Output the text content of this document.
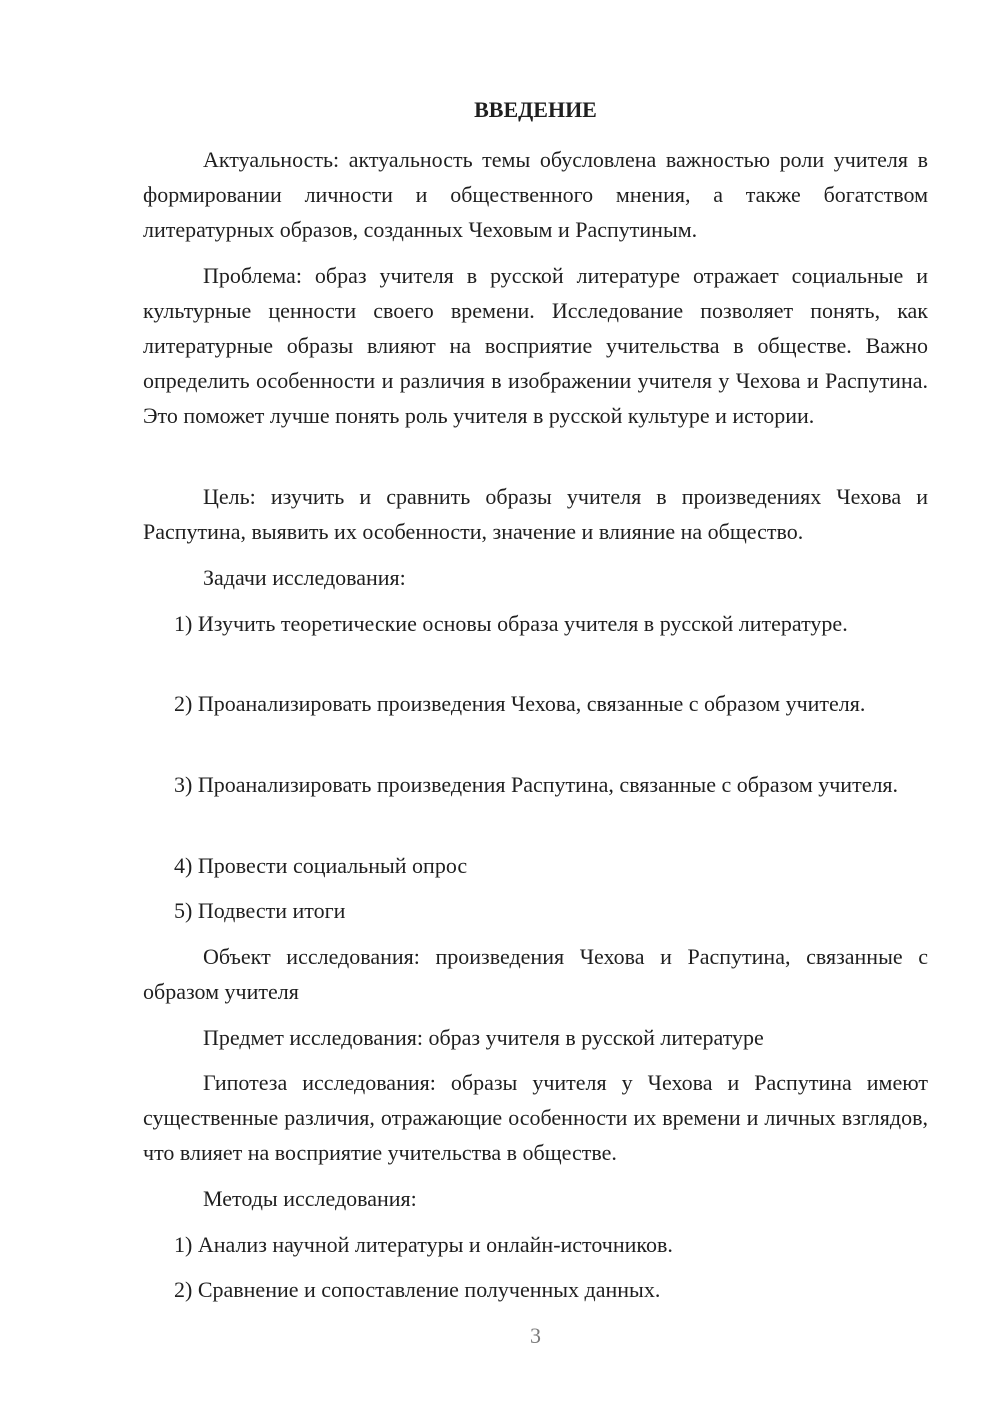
ВВЕДЕНИЕ

Актуальность: актуальность темы обусловлена важностью роли учителя в формировании личности и общественного мнения, а также богатством литературных образов, созданных Чеховым и Распутиным.

Проблема: образ учителя в русской литературе отражает социальные и культурные ценности своего времени. Исследование позволяет понять, как литературные образы влияют на восприятие учительства в обществе. Важно определить особенности и различия в изображении учителя у Чехова и Распутина. Это поможет лучше понять роль учителя в русской культуре и истории.

Цель: изучить и сравнить образы учителя в произведениях Чехова и Распутина, выявить их особенности, значение и влияние на общество.

Задачи исследования:

1) Изучить теоретические основы образа учителя в русской литературе.

2) Проанализировать произведения Чехова, связанные с образом учителя.

3) Проанализировать произведения Распутина, связанные с образом учителя.

4) Провести социальный опрос

5) Подвести итоги

Объект исследования: произведения Чехова и Распутина, связанные с образом учителя

Предмет исследования: образ учителя в русской литературе

Гипотеза исследования: образы учителя у Чехова и Распутина имеют существенные различия, отражающие особенности их времени и личных взглядов, что влияет на восприятие учительства в обществе.

Методы исследования:

1) Анализ научной литературы и онлайн-источников.

2) Сравнение и сопоставление полученных данных.

3
